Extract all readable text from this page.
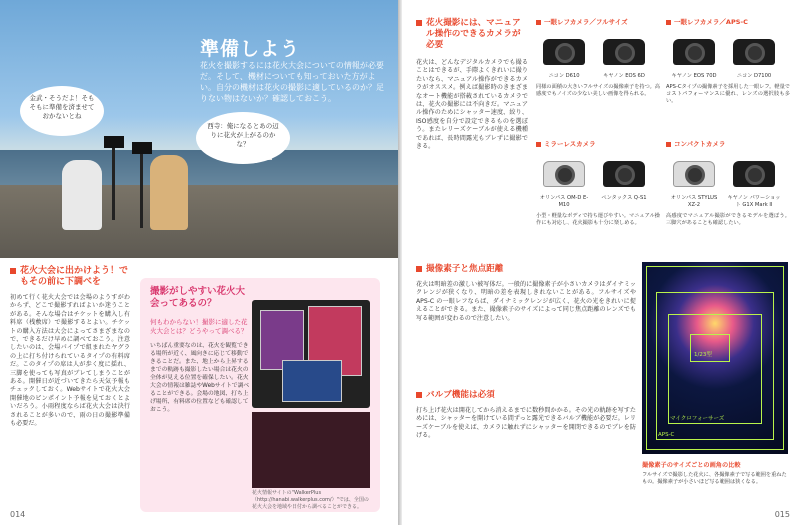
準備しよう
花火を撮影するには花火大会についての情報が必要だ。そして、機材についても知っておいた方がよい。自分の機材は花火の撮影に適しているのか？足りない物はないか？確認しておこう。
金武・そうだよ！そもそもに準備を済ませておかないとね
西寺：俺になるとあの辺りに花火が上がるのかな？
花火大会に出かけよう！でもその前に下調べを
初めて行く花火大会では会場のようすがわからず、どこで撮影すればよいか迷うことがある。そんな場合はチケットを購入し有料席（桟敷席）で撮影するとよい。チケットの購入方法は大会によってさまざまなので、できるだけ早めに調べておこう。注意したいのは、会場パイプで組まれたヤグラの上に打ち付けられているタイプの有料席だ。このタイプの席は人が歩く度に揺れ、三脚を使っても写真がブレてしまうことがある。開催日が近づいてきたら天気予報もチェックしておく。Webサイトで花火大会開催地のピンポイント予報を見ておくとよいだろう。小雨程度ならば花火大会は決行されることが多いので、雨の日の撮影準備も必要だ。
撮影がしやすい花火大会ってあるの？
何もわからない！撮影に適した花火大会とは？どうやって調べる？
いちばん重要なのは、花火を観覧できる場所が近く、風向きに応じて移動できることだ。また、地上から上昇するまでの軌跡も撮影したい場合は花火の全体が見える位置を確保したい。花火大会の情報は雑誌やWebサイトで調べることができる。会場の地図、打ち上げ場所、有料席の位置なども確認しておこう。
花火情報サイトの"WalkerPlus（http://hanabi.walkerplus.com/）"では、全国の花火大会を地域や日付から調べることができる。
014
花火撮影には、マニュアル操作のできるカメラが必要
花火は、どんなデジタルカメラでも撮ることはできるが、手際よくきれいに撮りたいなら、マニュアル操作ができるカメラがオススメ。例えば撮影時のきまざまなオート機能が搭載されているカメラでは、花火の撮影には不向きだ。マニュアル操作のためにシャッター速度、絞り、ISO感度を自分で設定できるものを選ぼう。またレリーズケーブルが使える機種であれば、長時間露光もブレずに撮影できる。
一眼レフカメラ／フルサイズ
ニコン D610	キヤノン EOS 6D
同様の面積の大きいフルサイズの撮像素子を持つ。高感度でもノイズの少ない美しい画像を得られる。
一眼レフカメラ／APS-C
キヤノン EOS 70D	ニコン D7100
APS-Cタイプの撮像素子を採用した一眼レフ。軽量でコストパフォーマンスに優れ、レンズの選択肢も多い。
ミラーレスカメラ
オリンパス OM-D E-M10
ペンタックス Q-S1
小型・軽量なボディで持ち運びやすい。マニュアル操作にも対応し、花火撮影も十分に楽しめる。
コンパクトカメラ
オリンパス STYLUS XZ-2
キヤノン パワーショット G1X Mark II
高感度でマニュアル撮影ができるモデルを選ぼう。三脚穴があることも確認したい。
撮像素子と焦点距離
花火は明暗差の激しい被写体だ。一般的に撮像素子が小さいカメラはダイナミックレンジが狭くなり、明暗の差を表現しきれないことがある。フルサイズや APS-C の一眼レフならば、ダイナミックレンジが広く、花火の光をきれいに捉えることができる。また、撮像素子のサイズによって同じ焦点距離のレンズでも写る範囲が変わるので注意したい。
バルブ機能は必須
打ち上げ花火は開花してから消えるまでに数秒間かかる。その光の軌跡を写すためには、シャッターを開けている間ずっと露光できるバルブ機能が必要だ。レリーズケーブルを使えば、カメラに触れずにシャッターを開閉できるのでブレを防げる。
1/23型
APS-C
マイクロフォーサーズ
撮像素子のサイズごとの画角の比較
フルサイズで撮影した花火に、各撮像素子で写る範囲を重ねたもの。撮像素子が小さいほど写る範囲は狭くなる。
015
